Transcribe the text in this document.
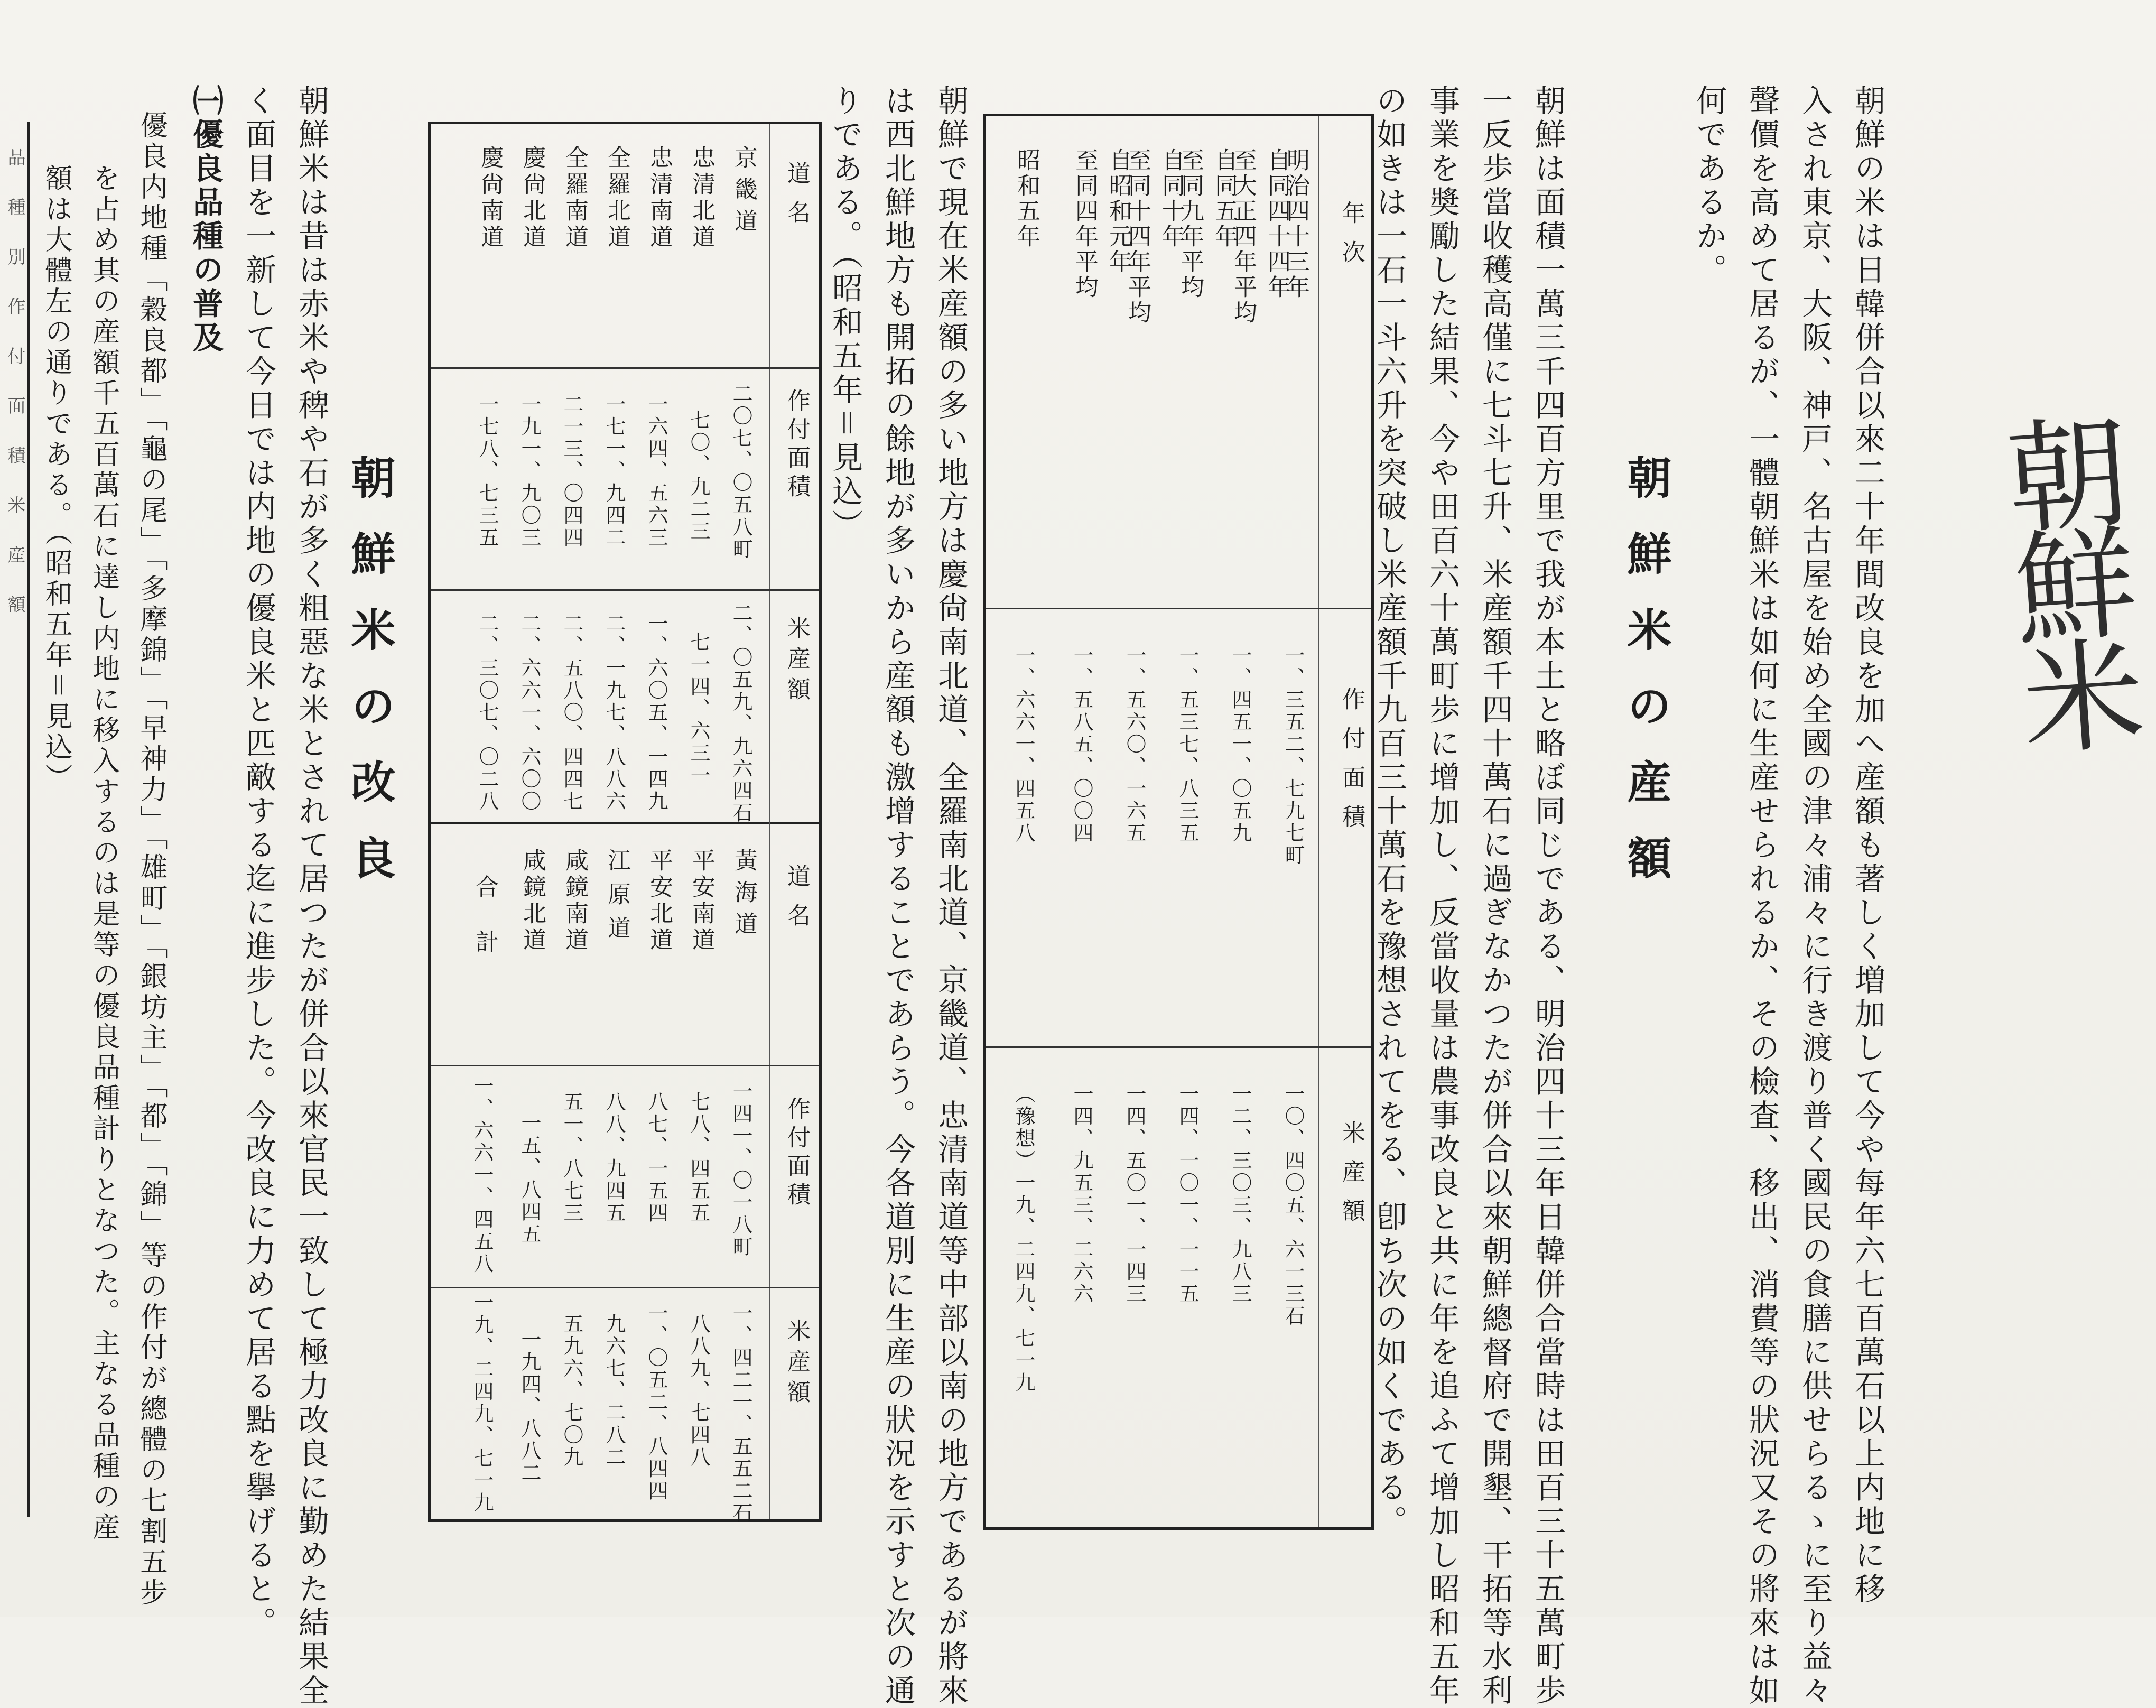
朝鮮米
朝鮮の米は日韓併合以來二十年間改良を加へ産額も著しく増加して今や每年六七百萬石以上内地に移
入され東京、大阪、神戸、名古屋を始め全國の津々浦々に行き渡り普く國民の食膳に供せらるゝに至り益々
聲價を高めて居るが、一體朝鮮米は如何に生産せられるか、その檢査、移出、消費等の狀況又その將來は如
何であるか。
朝鮮米の産額
朝鮮は面積一萬三千四百方里で我が本土と略ぼ同じである、明治四十三年日韓併合當時は田百三十五萬町歩
一反歩當收穫高僅に七斗七升、米産額千四十萬石に過ぎなかつたが併合以來朝鮮總督府で開墾、干拓等水利
事業を奬勵した結果、今や田百六十萬町歩に增加し、反當收量は農事改良と共に年を追ふて增加し昭和五年
の如きは一石一斗六升を突破し米産額千九百三十萬石を豫想されてをる、卽ち次の如くである。
年次
作付面積
米産額
明治四十三年
一、三五二、七九七町
一〇、四〇五、六一三石
自同四十四年
至大正四年平均
一、四五一、〇五九
一二、三〇三、九八三
自同五年
至同九年平均
一、五三七、八三五
一四、一〇一、一一五
自同十年
至同十四年平均
一、五六〇、一六五
一四、五〇一、一四三
自昭和元年
至同四年平均
一、五八五、〇〇四
一四、九五三、二六六
昭和五年
一、六六一、四五八
（豫想）一九、二四九、七一九
朝鮮で現在米産額の多い地方は慶尙南北道、全羅南北道、京畿道、忠清南道等中部以南の地方であるが將來
は西北鮮地方も開拓の餘地が多いから産額も激增することであらう。今各道別に生産の狀況を示すと次の通
りである。（昭和五年＝見込）
道名
作付面積
米産額
道名
作付面積
米産額
京畿道
二〇七、〇五八町
二、〇五九、九六四石
忠清北道
七〇、九二三
七一四、六三一
忠清南道
一六四、五六三
一、六〇五、一四九
全羅北道
一七一、九四二
二、一九七、八八六
全羅南道
二一三、〇四四
二、五八〇、四四七
慶尙北道
一九一、九〇三
二、六六一、六〇〇
慶尙南道
一七八、七三五
二、三〇七、〇二八
黃海道
一四一、〇一八町
一、四二一、五五二石
平安南道
七八、四五五
八八九、七四八
平安北道
八七、一五四
一、〇五二、八四四
江原道
八八、九四五
九六七、二八二
咸鏡南道
五一、八七三
五九六、七〇九
咸鏡北道
一五、八四五
一九四、八八二
合計
一、六六一、四五八
一九、二四九、七一九
朝鮮米の改良
朝鮮米は昔は赤米や稗や石が多く粗惡な米とされて居つたが併合以來官民一致して極力改良に勤めた結果全
く面目を一新して今日では内地の優良米と匹敵する迄に進步した。今改良に力めて居る點を擧げると。
㈠優良品種の普及
優良内地種「穀良都」「龜の尾」「多摩錦」「早神力」「雄町」「銀坊主」「都」「錦」等の作付が總體の七割五步
を占め其の産額千五百萬石に達し内地に移入するのは是等の優良品種計りとなつた。主なる品種の産
額は大體左の通りである。（昭和五年＝見込）
品種別作付面積米産額
